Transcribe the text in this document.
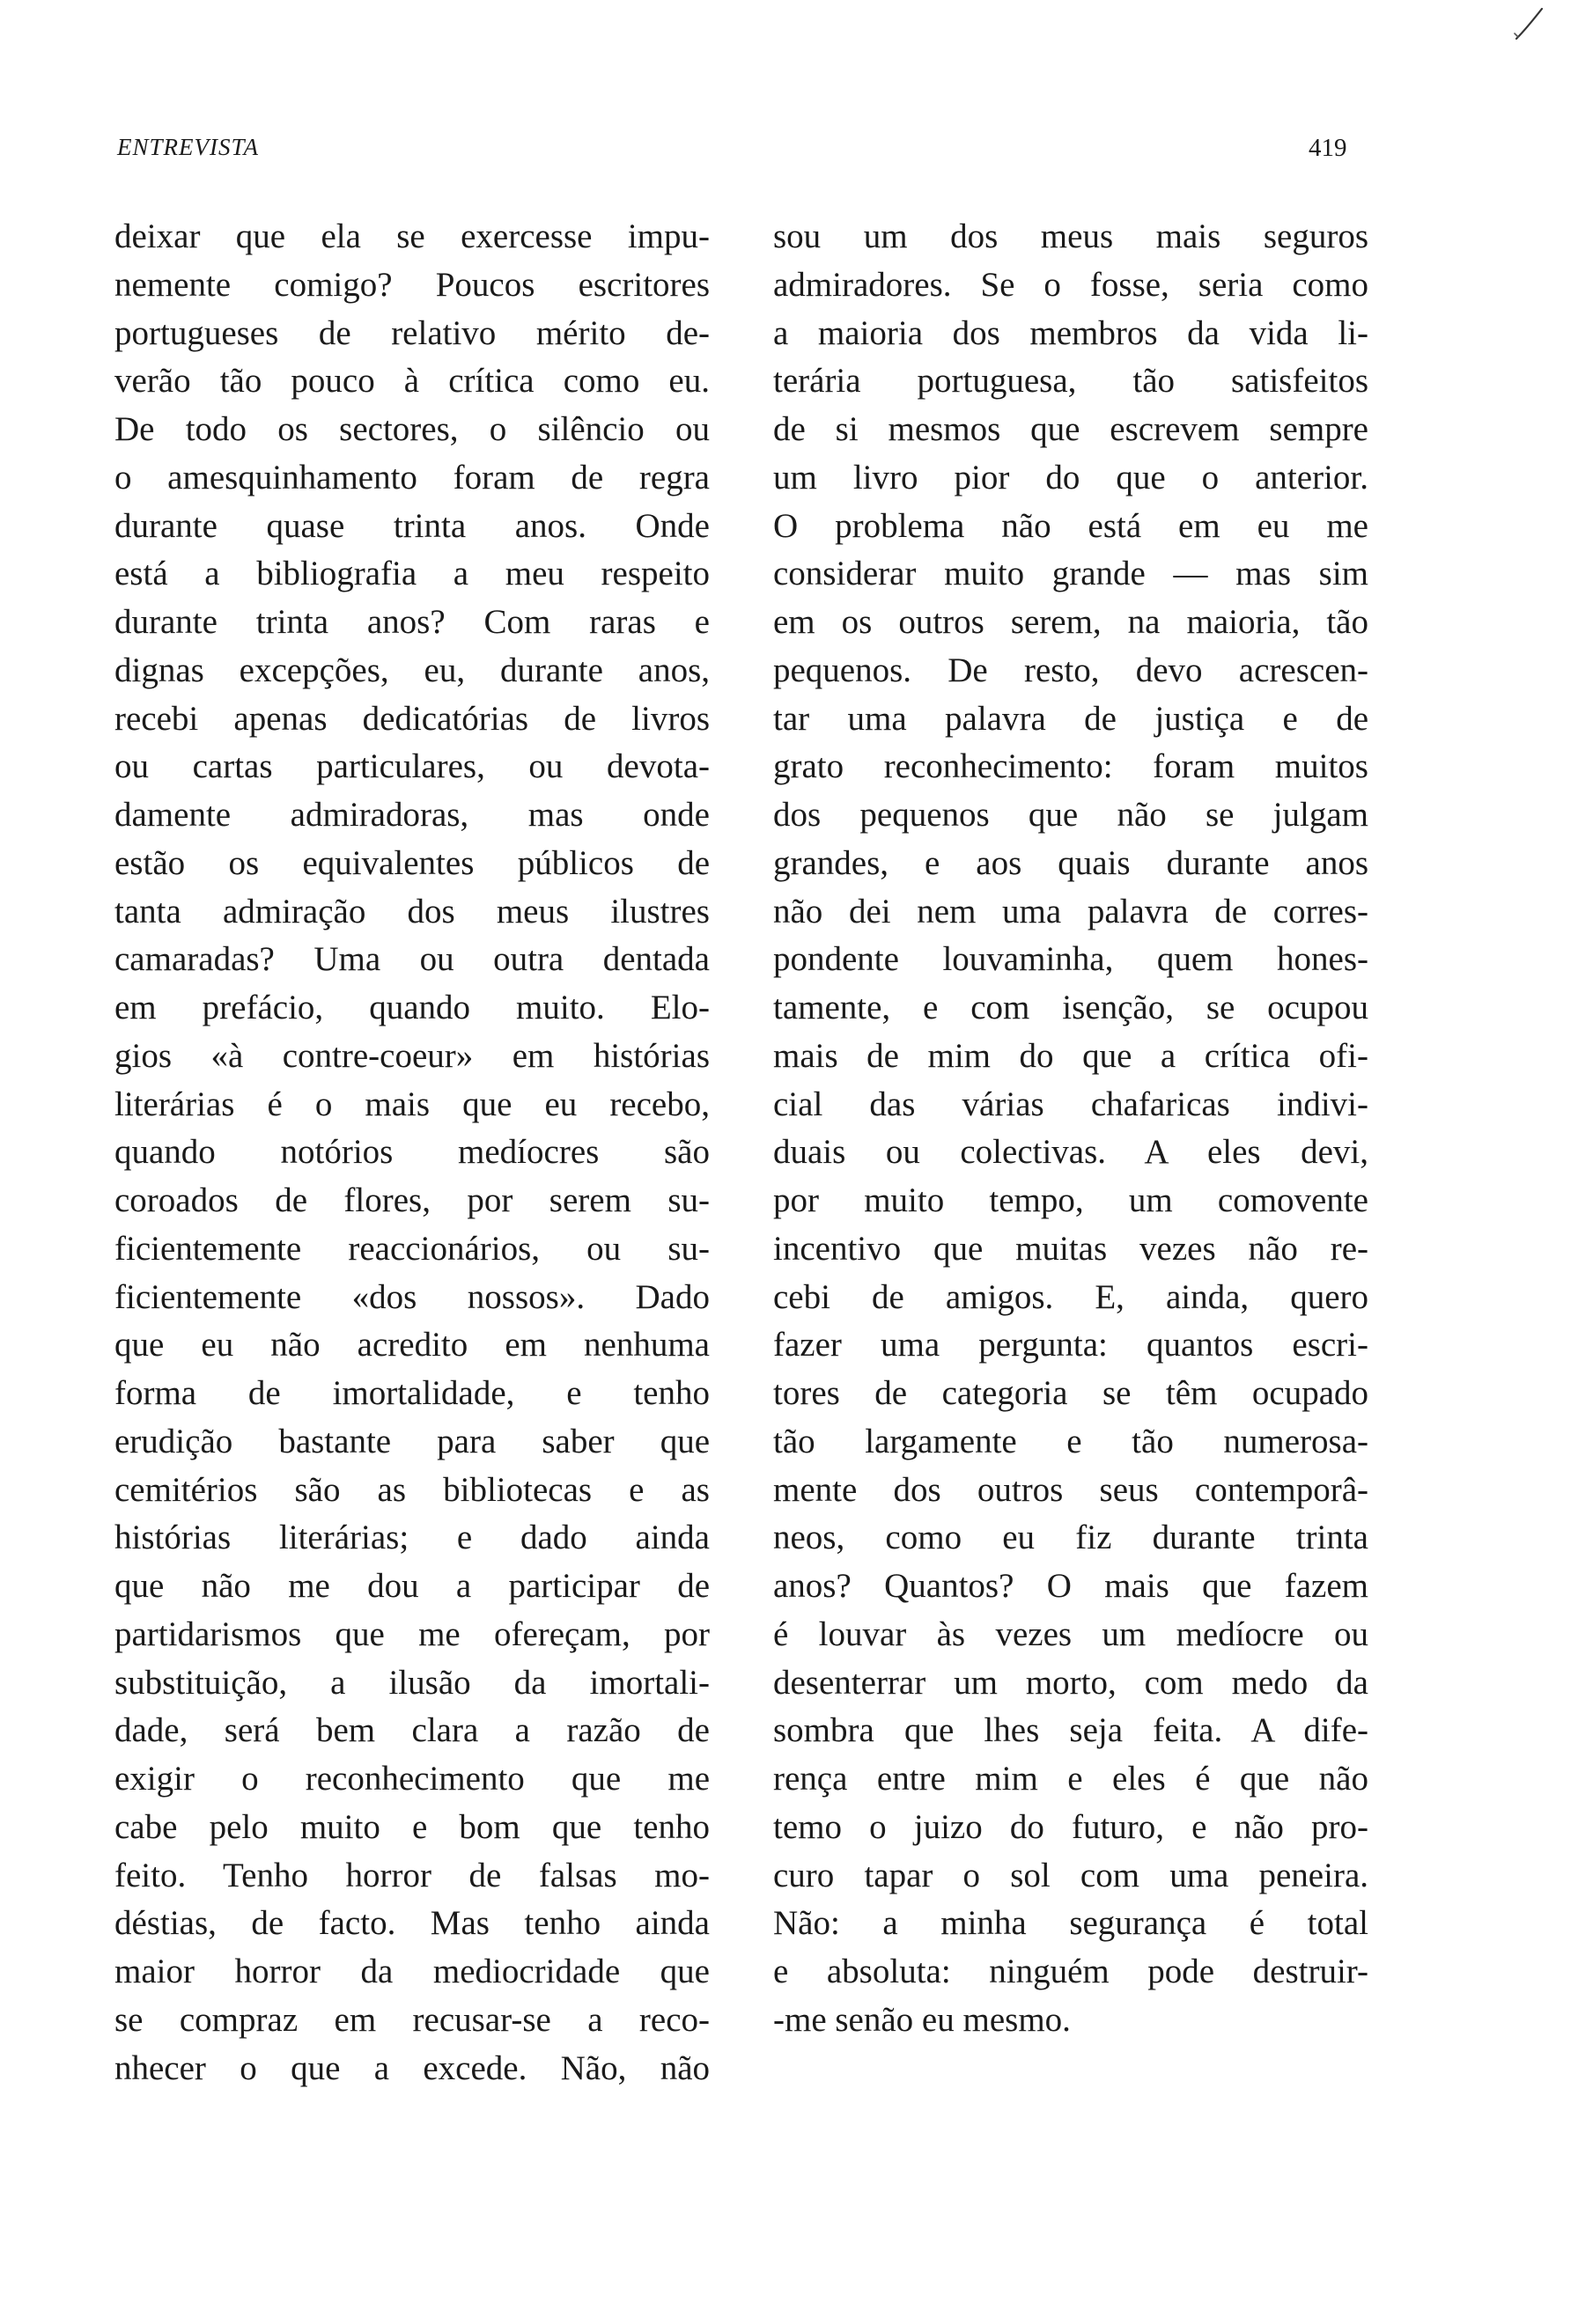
ENTREVISTA	419
deixar que ela se exercesse impu-
nemente comigo? Poucos escritores
portugueses de relativo mérito de-
verão tão pouco à crítica como eu.
De todo os sectores, o silêncio ou
o amesquinhamento foram de regra
durante quase trinta anos. Onde
está a bibliografia a meu respeito
durante trinta anos? Com raras e
dignas excepções, eu, durante anos,
recebi apenas dedicatórias de livros
ou cartas particulares, ou devota-
damente admiradoras, mas onde
estão os equivalentes públicos de
tanta admiração dos meus ilustres
camaradas? Uma ou outra dentada
em prefácio, quando muito. Elo-
gios «à contre-coeur» em histórias
literárias é o mais que eu recebo,
quando notórios medíocres são
coroados de flores, por serem su-
ficientemente reaccionários, ou su-
ficientemente «dos nossos». Dado
que eu não acredito em nenhuma
forma de imortalidade, e tenho
erudição bastante para saber que
cemitérios são as bibliotecas e as
histórias literárias; e dado ainda
que não me dou a participar de
partidarismos que me ofereçam, por
substituição, a ilusão da imortali-
dade, será bem clara a razão de
exigir o reconhecimento que me
cabe pelo muito e bom que tenho
feito. Tenho horror de falsas mo-
déstias, de facto. Mas tenho ainda
maior horror da mediocridade que
se compraz em recusar-se a reco-
nhecer o que a excede. Não, não
sou um dos meus mais seguros
admiradores. Se o fosse, seria como
a maioria dos membros da vida li-
terária portuguesa, tão satisfeitos
de si mesmos que escrevem sempre
um livro pior do que o anterior.
O problema não está em eu me
considerar muito grande — mas sim
em os outros serem, na maioria, tão
pequenos. De resto, devo acrescen-
tar uma palavra de justiça e de
grato reconhecimento: foram muitos
dos pequenos que não se julgam
grandes, e aos quais durante anos
não dei nem uma palavra de corres-
pondente louvaminha, quem hones-
tamente, e com isenção, se ocupou
mais de mim do que a crítica ofi-
cial das várias chafaricas indivi-
duais ou colectivas. A eles devi,
por muito tempo, um comovente
incentivo que muitas vezes não re-
cebi de amigos. E, ainda, quero
fazer uma pergunta: quantos escri-
tores de categoria se têm ocupado
tão largamente e tão numerosa-
mente dos outros seus contemporâ-
neos, como eu fiz durante trinta
anos? Quantos? O mais que fazem
é louvar às vezes um medíocre ou
desenterrar um morto, com medo da
sombra que lhes seja feita. A dife-
rença entre mim e eles é que não
temo o juizo do futuro, e não pro-
curo tapar o sol com uma peneira.
Não: a minha segurança é total
e absoluta: ninguém pode destruir-
-me senão eu mesmo.
